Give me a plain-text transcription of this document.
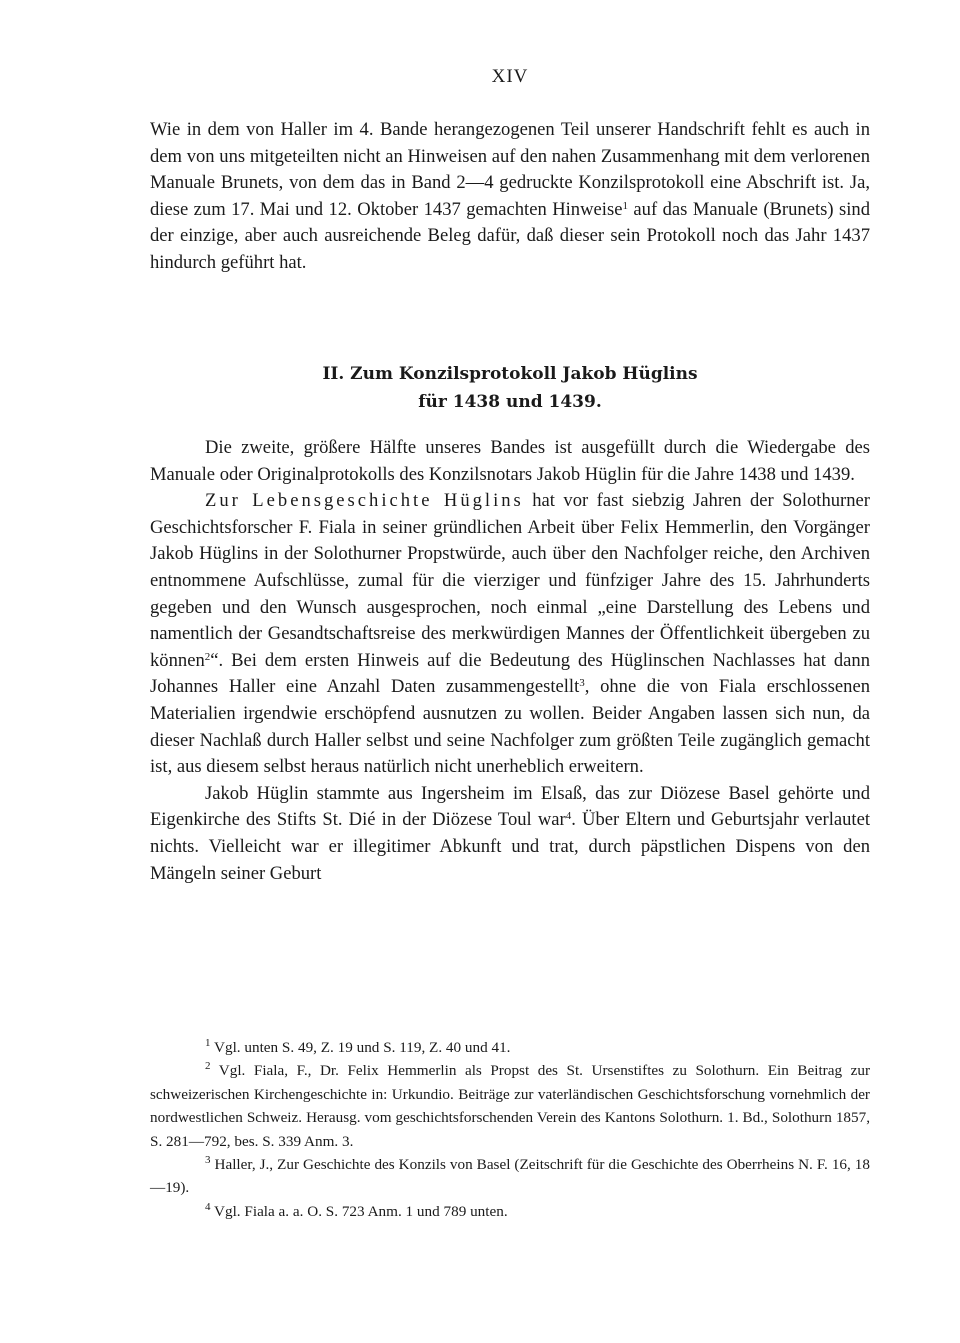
XIV

Wie in dem von Haller im 4. Bande herangezogenen Teil unserer Handschrift fehlt es auch in dem von uns mitgeteilten nicht an Hinweisen auf den nahen Zusammenhang mit dem verlorenen Manuale Brunets, von dem das in Band 2—4 gedruckte Konzilsprotokoll eine Abschrift ist. Ja, diese zum 17. Mai und 12. Oktober 1437 gemachten Hinweise$^1$ auf das Manuale (Brunets) sind der einzige, aber auch ausreichende Beleg dafür, daß dieser sein Protokoll noch das Jahr 1437 hindurch geführt hat.

II. Zum Konzilsprotokoll Jakob Hüglins
für 1438 und 1439.

Die zweite, größere Hälfte unseres Bandes ist ausgefüllt durch die Wiedergabe des Manuale oder Originalprotokolls des Konzilsnotars Jakob Hüglin für die Jahre 1438 und 1439.

Zur Lebensgeschichte Hüglins hat vor fast siebzig Jahren der Solothurner Geschichtsforscher F. Fiala in seiner gründlichen Arbeit über Felix Hemmerlin, den Vorgänger Jakob Hüglins in der Solothurner Propstwürde, auch über den Nachfolger reiche, den Archiven entnommene Aufschlüsse, zumal für die vierziger und fünfziger Jahre des 15. Jahrhunderts gegeben und den Wunsch ausgesprochen, noch einmal „eine Darstellung des Lebens und namentlich der Gesandtschaftsreise des merkwürdigen Mannes der Öffentlichkeit übergeben zu können$^2$“. Bei dem ersten Hinweis auf die Bedeutung des Hüglinschen Nachlasses hat dann Johannes Haller eine Anzahl Daten zusammengestellt$^3$, ohne die von Fiala erschlossenen Materialien irgendwie erschöpfend ausnutzen zu wollen. Beider Angaben lassen sich nun, da dieser Nachlaß durch Haller selbst und seine Nachfolger zum größten Teile zugänglich gemacht ist, aus diesem selbst heraus natürlich nicht unerheblich erweitern.

Jakob Hüglin stammte aus Ingersheim im Elsaß, das zur Diözese Basel gehörte und Eigenkirche des Stifts St. Dié in der Diözese Toul war$^4$. Über Eltern und Geburtsjahr verlautet nichts. Vielleicht war er illegitimer Abkunft und trat, durch päpstlichen Dispens von den Mängeln seiner Geburt

$^1$ Vgl. unten S. 49, Z. 19 und S. 119, Z. 40 und 41.

$^2$ Vgl. Fiala, F., Dr. Felix Hemmerlin als Propst des St. Ursenstiftes zu Solothurn. Ein Beitrag zur schweizerischen Kirchengeschichte in: Urkundio. Beiträge zur vaterländischen Geschichtsforschung vornehmlich der nordwestlichen Schweiz. Herausg. vom geschichtsforschenden Verein des Kantons Solothurn. 1. Bd., Solothurn 1857, S. 281—792, bes. S. 339 Anm. 3.

$^3$ Haller, J., Zur Geschichte des Konzils von Basel (Zeitschrift für die Geschichte des Oberrheins N. F. 16, 18—19).

$^4$ Vgl. Fiala a. a. O. S. 723 Anm. 1 und 789 unten.
